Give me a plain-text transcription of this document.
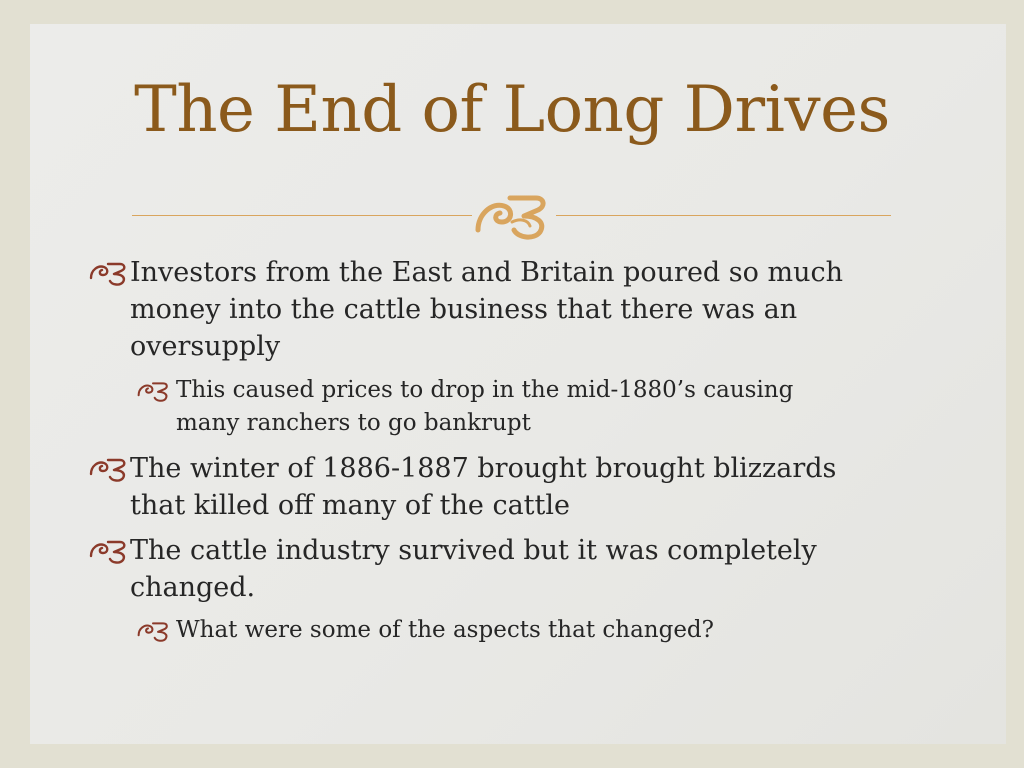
The End of Long Drives
Investors from the East and Britain poured so much
money into the cattle business that there was an
oversupply
This caused prices to drop in the mid-1880’s causing
many ranchers to go bankrupt
The winter of 1886-1887 brought brought blizzards
that killed off many of the cattle
The cattle industry survived but it was completely
changed.
What were some of the aspects that changed?
